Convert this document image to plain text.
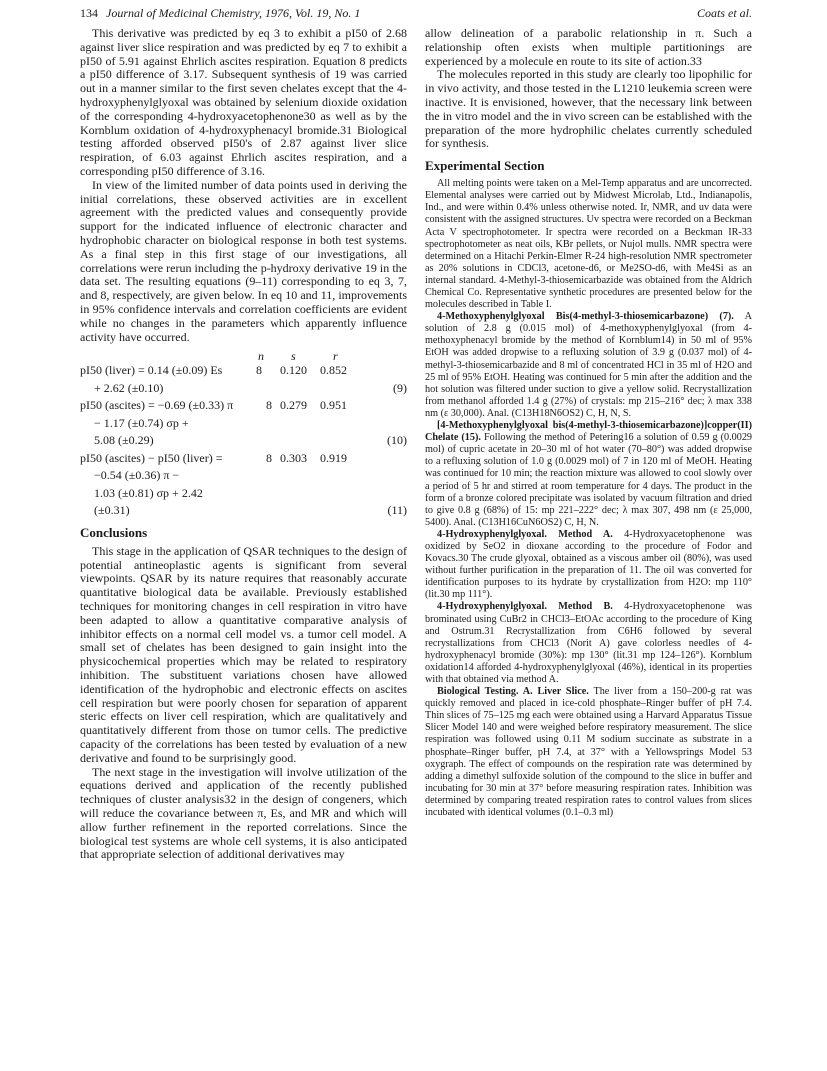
134 Journal of Medicinal Chemistry, 1976, Vol. 19, No. 1	Coats et al.

This derivative was predicted by eq 3 to exhibit a pI50 of 2.68 against liver slice respiration and was predicted by eq 7 to exhibit a pI50 of 5.91 against Ehrlich ascites respiration. Equation 8 predicts a pI50 difference of 3.17. Subsequent synthesis of 19 was carried out in a manner similar to the first seven chelates except that the 4-hydroxyphenylglyoxal was obtained by selenium dioxide oxidation of the corresponding 4-hydroxyacetophenone30 as well as by the Kornblum oxidation of 4-hydroxyphenacyl bromide.31 Biological testing afforded observed pI50's of 2.87 against liver slice respiration, of 6.03 against Ehrlich ascites respiration, and a corresponding pI50 difference of 3.16.

In view of the limited number of data points used in deriving the initial correlations, these observed activities are in excellent agreement with the predicted values and consequently provide support for the indicated influence of electronic character and hydrophobic character on biological response in both test systems. As a final step in this first stage of our investigations, all correlations were rerun including the p-hydroxy derivative 19 in the data set. The resulting equations (9–11) corresponding to eq 3, 7, and 8, respectively, are given below. In eq 10 and 11, improvements in 95% confidence intervals and correlation coefficients are evident while no changes in the parameters which apparently influence activity have occurred.

n s	r
pI50 (liver) = 0.14 (±0.09) Es	8 0.120 0.852
+ 2.62 (±0.10)	(9)
pI50 (ascites) = −0.69 (±0.33) π	8 0.279 0.951
− 1.17 (±0.74) σp +
5.08 (±0.29)	(10)
pI50 (ascites) − pI50 (liver) =	8 0.303 0.919
−0.54 (±0.36) π −
1.03 (±0.81) σp + 2.42
(±0.31)	(11)
Conclusions

This stage in the application of QSAR techniques to the design of potential antineoplastic agents is significant from several viewpoints. QSAR by its nature requires that reasonably accurate quantitative biological data be available. Previously established techniques for monitoring changes in cell respiration in vitro have been adapted to allow a quantitative comparative analysis of inhibitor effects on a normal cell model vs. a tumor cell model. A small set of chelates has been designed to gain insight into the physicochemical properties which may be related to respiratory inhibition. The substituent variations chosen have allowed identification of the hydrophobic and electronic effects on ascites cell respiration but were poorly chosen for separation of apparent steric effects on liver cell respiration, which are qualitatively and quantitatively different from those on tumor cells. The predictive capacity of the correlations has been tested by evaluation of a new derivative and found to be surprisingly good.

The next stage in the investigation will involve utilization of the equations derived and application of the recently published techniques of cluster analysis32 in the design of congeners, which will reduce the covariance between π, Es, and MR and which will allow further refinement in the reported correlations. Since the biological test systems are whole cell systems, it is also anticipated that appropriate selection of additional derivatives may

allow delineation of a parabolic relationship in π. Such a relationship often exists when multiple partitionings are experienced by a molecule en route to its site of action.33

The molecules reported in this study are clearly too lipophilic for in vivo activity, and those tested in the L1210 leukemia screen were inactive. It is envisioned, however, that the necessary link between the in vitro model and the in vivo screen can be established with the preparation of the more hydrophilic chelates currently scheduled for synthesis.

Experimental Section

All melting points were taken on a Mel-Temp apparatus and are uncorrected. Elemental analyses were carried out by Midwest Microlab, Ltd., Indianapolis, Ind., and were within 0.4% unless otherwise noted. Ir, NMR, and uv data were consistent with the assigned structures. Uv spectra were recorded on a Beckman Acta V spectrophotometer. Ir spectra were recorded on a Beckman IR-33 spectrophotometer as neat oils, KBr pellets, or Nujol mulls. NMR spectra were determined on a Hitachi Perkin-Elmer R-24 high-resolution NMR spectrometer as 20% solutions in CDCl3, acetone-d6, or Me2SO-d6, with Me4Si as an internal standard. 4-Methyl-3-thiosemicarbazide was obtained from the Aldrich Chemical Co. Representative synthetic procedures are presented below for the molecules described in Table I.

4-Methoxyphenylglyoxal Bis(4-methyl-3-thiosemicarbazone) (7). A solution of 2.8 g (0.015 mol) of 4-methoxyphenylglyoxal (from 4-methoxyphenacyl bromide by the method of Kornblum14) in 50 ml of 95% EtOH was added dropwise to a refluxing solution of 3.9 g (0.037 mol) of 4-methyl-3-thiosemicarbazide and 8 ml of concentrated HCl in 35 ml of H2O and 25 ml of 95% EtOH. Heating was continued for 5 min after the addition and the hot solution was filtered under suction to give a yellow solid. Recrystallization from methanol afforded 1.4 g (27%) of crystals: mp 215–216° dec; λ max 338 nm (ε 30,000). Anal. (C13H18N6OS2) C, H, N, S.

[4-Methoxyphenylglyoxal bis(4-methyl-3-thiosemicarbazone)]copper(II) Chelate (15). Following the method of Petering16 a solution of 0.59 g (0.0029 mol) of cupric acetate in 20–30 ml of hot water (70–80°) was added dropwise to a refluxing solution of 1.0 g (0.0029 mol) of 7 in 120 ml of MeOH. Heating was continued for 10 min; the reaction mixture was allowed to cool slowly over a period of 5 hr and stirred at room temperature for 4 days. The product in the form of a bronze colored precipitate was isolated by vacuum filtration and dried to give 0.8 g (68%) of 15: mp 221–222° dec; λ max 307, 498 nm (ε 25,000, 5400). Anal. (C13H16CuN6OS2) C, H, N.

4-Hydroxyphenylglyoxal. Method A. 4-Hydroxyacetophenone was oxidized by SeO2 in dioxane according to the procedure of Fodor and Kovacs.30 The crude glyoxal, obtained as a viscous amber oil (80%), was used without further purification in the preparation of 11. The oil was converted for identification purposes to its hydrate by crystallization from H2O: mp 110° (lit.30 mp 111°).

4-Hydroxyphenylglyoxal. Method B. 4-Hydroxyacetophenone was brominated using CuBr2 in CHCl3–EtOAc according to the procedure of King and Ostrum.31 Recrystallization from C6H6 followed by several recrystallizations from CHCl3 (Norit A) gave colorless needles of 4-hydroxyphenacyl bromide (30%): mp 130° (lit.31 mp 124–126°). Kornblum oxidation14 afforded 4-hydroxyphenylglyoxal (46%), identical in its properties with that obtained via method A.

Biological Testing. A. Liver Slice. The liver from a 150–200-g rat was quickly removed and placed in ice-cold phosphate–Ringer buffer of pH 7.4. Thin slices of 75–125 mg each were obtained using a Harvard Apparatus Tissue Slicer Model 140 and were weighed before respiratory measurement. The slice respiration was followed using 0.11 M sodium succinate as substrate in a phosphate–Ringer buffer, pH 7.4, at 37° with a Yellowsprings Model 53 oxygraph. The effect of compounds on the respiration rate was determined by adding a dimethyl sulfoxide solution of the compound to the slice in buffer and incubating for 30 min at 37° before measuring respiration rates. Inhibition was determined by comparing treated respiration rates to control values from slices incubated with identical volumes (0.1–0.3 ml)
